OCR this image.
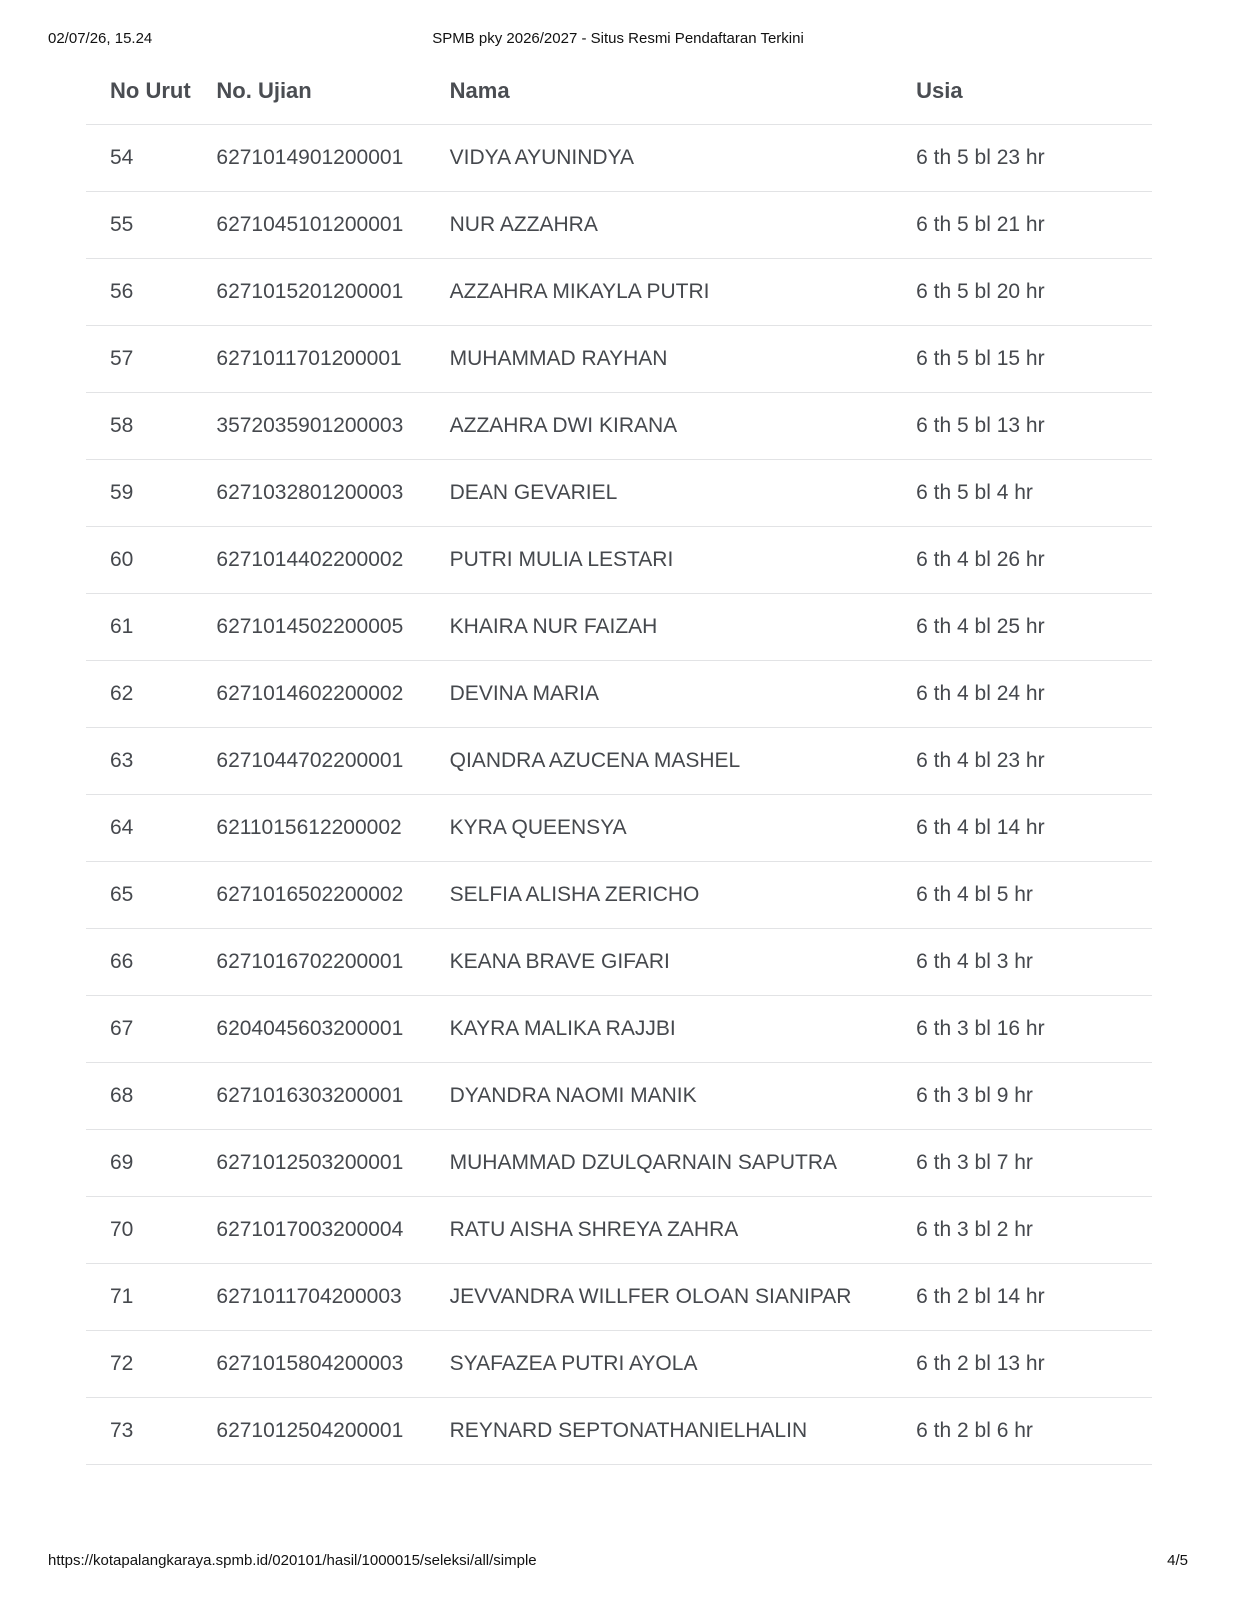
02/07/26, 15.24	SPMB pky 2026/2027 - Situs Resmi Pendaftaran Terkini
No Urut	No. Ujian	Nama	Usia
54	6271014901200001	VIDYA AYUNINDYA	6 th 5 bl 23 hr
55	6271045101200001	NUR AZZAHRA	6 th 5 bl 21 hr
56	6271015201200001	AZZAHRA MIKAYLA PUTRI	6 th 5 bl 20 hr
57	6271011701200001	MUHAMMAD RAYHAN	6 th 5 bl 15 hr
58	3572035901200003	AZZAHRA DWI KIRANA	6 th 5 bl 13 hr
59	6271032801200003	DEAN GEVARIEL	6 th 5 bl 4 hr
60	6271014402200002	PUTRI MULIA LESTARI	6 th 4 bl 26 hr
61	6271014502200005	KHAIRA NUR FAIZAH	6 th 4 bl 25 hr
62	6271014602200002	DEVINA MARIA	6 th 4 bl 24 hr
63	6271044702200001	QIANDRA AZUCENA MASHEL	6 th 4 bl 23 hr
64	6211015612200002	KYRA QUEENSYA	6 th 4 bl 14 hr
65	6271016502200002	SELFIA ALISHA ZERICHO	6 th 4 bl 5 hr
66	6271016702200001	KEANA BRAVE GIFARI	6 th 4 bl 3 hr
67	6204045603200001	KAYRA MALIKA RAJJBI	6 th 3 bl 16 hr
68	6271016303200001	DYANDRA NAOMI MANIK	6 th 3 bl 9 hr
69	6271012503200001	MUHAMMAD DZULQARNAIN SAPUTRA	6 th 3 bl 7 hr
70	6271017003200004	RATU AISHA SHREYA ZAHRA	6 th 3 bl 2 hr
71	6271011704200003	JEVVANDRA WILLFER OLOAN SIANIPAR	6 th 2 bl 14 hr
72	6271015804200003	SYAFAZEA PUTRI AYOLA	6 th 2 bl 13 hr
73	6271012504200001	REYNARD SEPTONATHANIELHALIN	6 th 2 bl 6 hr
https://kotapalangkaraya.spmb.id/020101/hasil/1000015/seleksi/all/simple	4/5
